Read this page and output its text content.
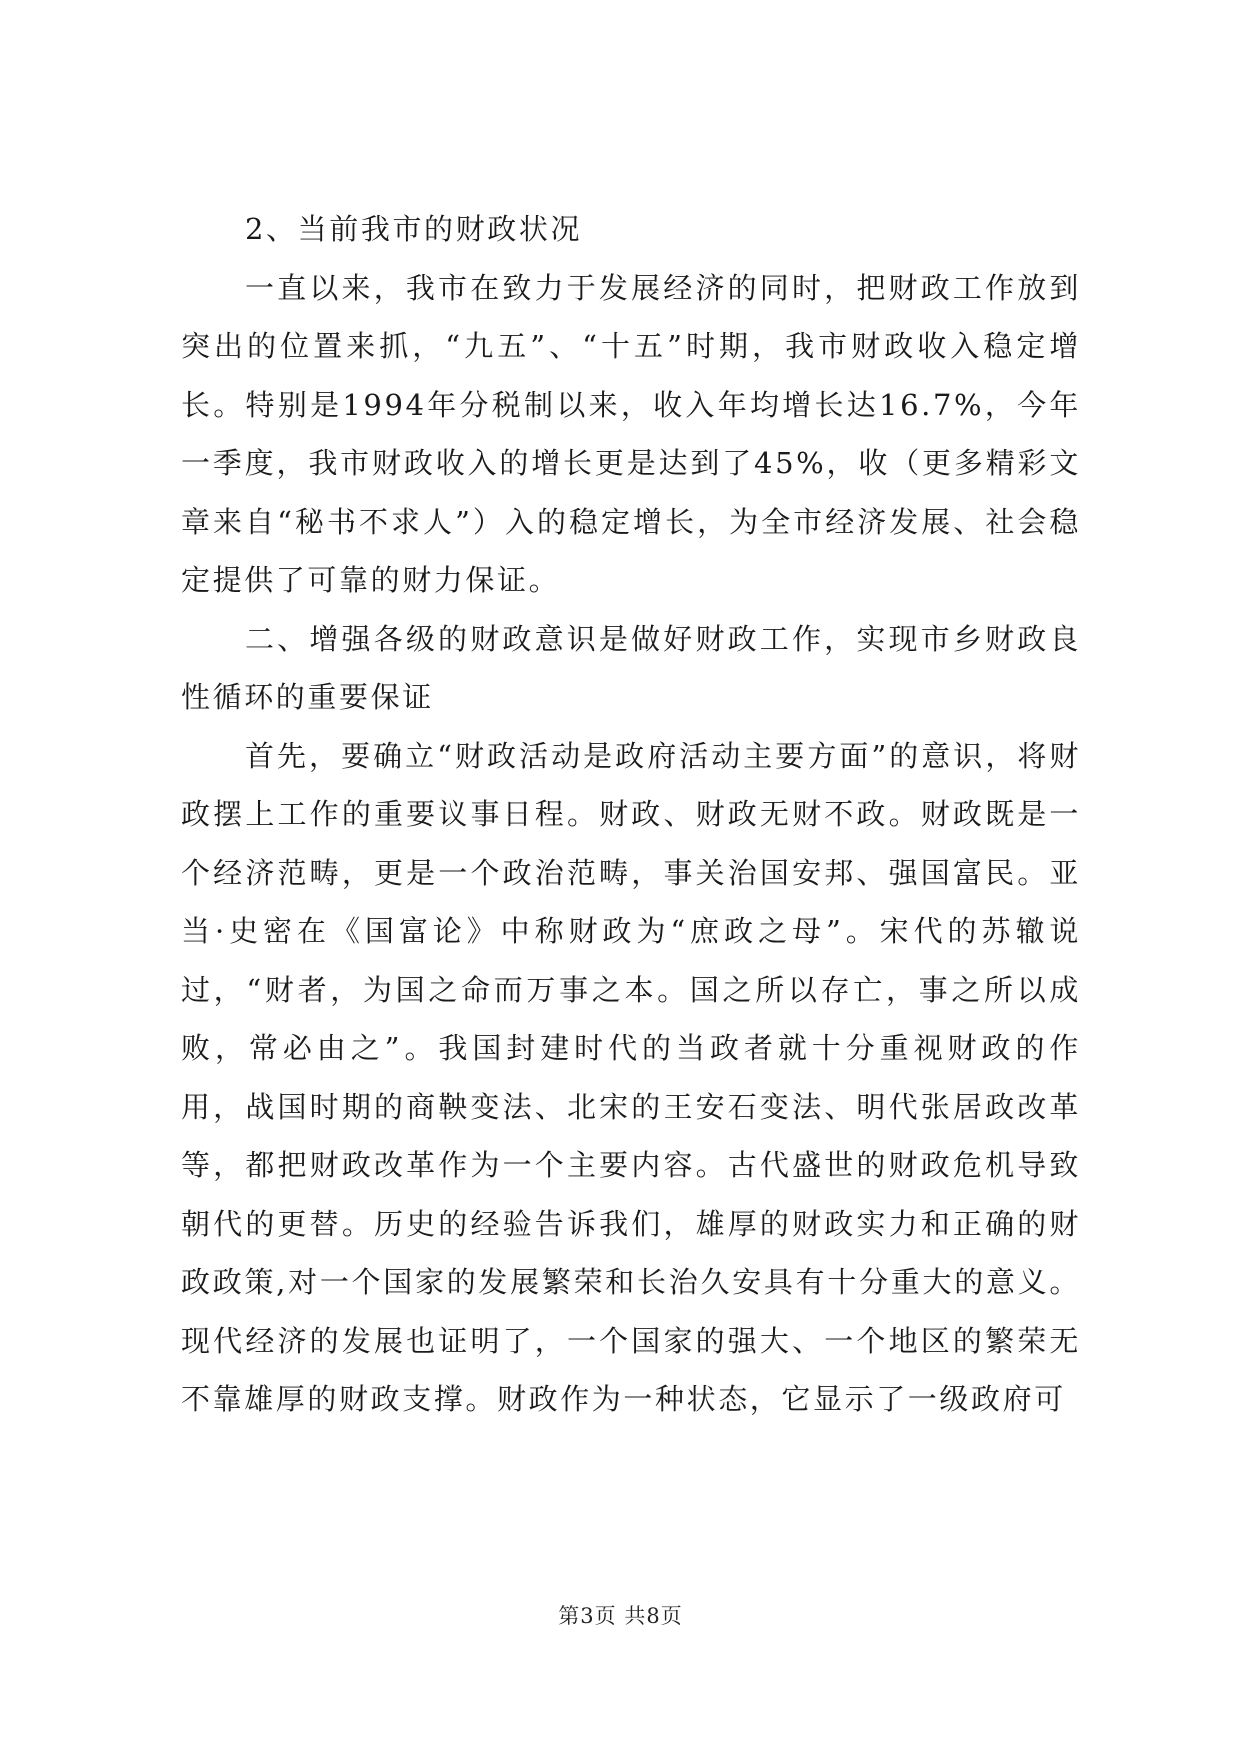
2、当前我市的财政状况

一直以来，我市在致力于发展经济的同时，把财政工作放到突出的位置来抓，“九五”、“十五”时期，我市财政收入稳定增长。特别是1994年分税制以来，收入年均增长达16.7%，今年一季度，我市财政收入的增长更是达到了45%，收（更多精彩文章来自“秘书不求人”）入的稳定增长，为全市经济发展、社会稳定提供了可靠的财力保证。

二、增强各级的财政意识是做好财政工作，实现市乡财政良性循环的重要保证

首先，要确立“财政活动是政府活动主要方面”的意识，将财政摆上工作的重要议事日程。财政、财政无财不政。财政既是一个经济范畴，更是一个政治范畴，事关治国安邦、强国富民。亚当·史密在《国富论》中称财政为“庶政之母”。宋代的苏辙说过，“财者，为国之命而万事之本。国之所以存亡，事之所以成败，常必由之”。我国封建时代的当政者就十分重视财政的作用，战国时期的商鞅变法、北宋的王安石变法、明代张居政改革等，都把财政改革作为一个主要内容。古代盛世的财政危机导致朝代的更替。历史的经验告诉我们，雄厚的财政实力和正确的财政政策,对一个国家的发展繁荣和长治久安具有十分重大的意义。现代经济的发展也证明了，一个国家的强大、一个地区的繁荣无不靠雄厚的财政支撑。财政作为一种状态，它显示了一级政府可

第3页 共8页
